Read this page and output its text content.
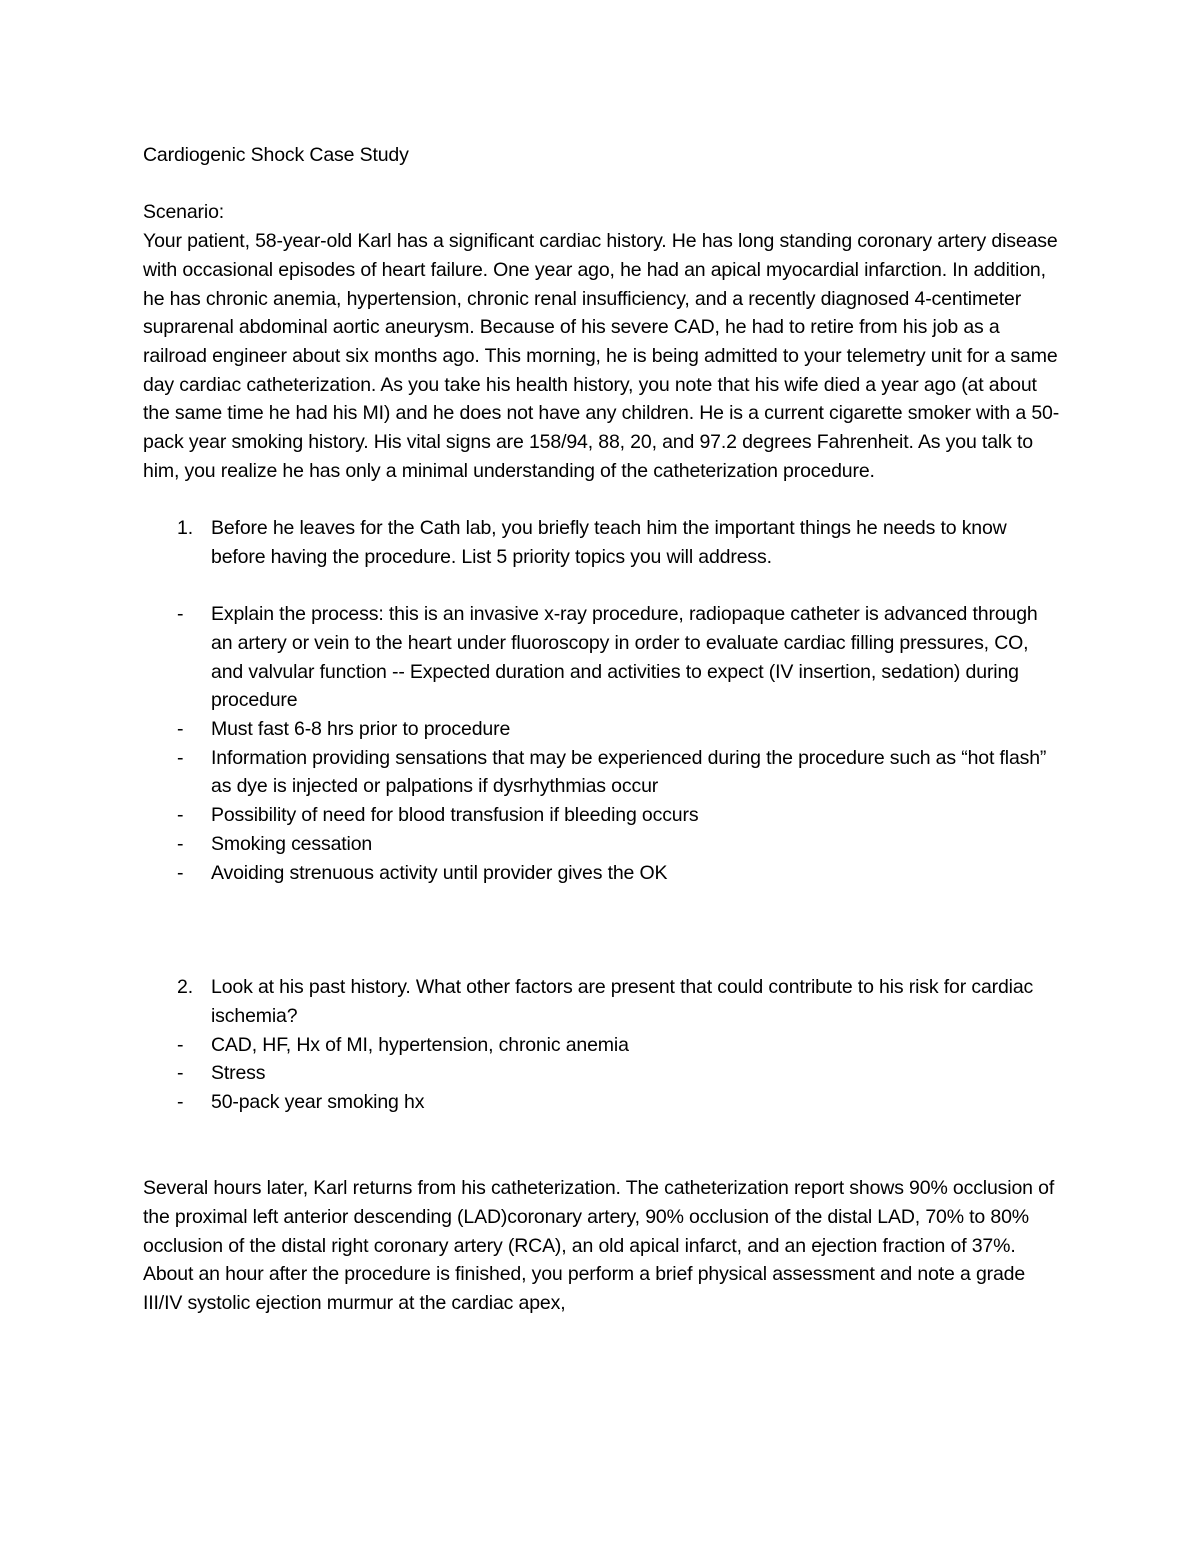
Cardiogenic Shock Case Study

Scenario:

Your patient, 58-year-old Karl has a significant cardiac history. He has long standing coronary artery disease with occasional episodes of heart failure. One year ago, he had an apical myocardial infarction. In addition, he has chronic anemia, hypertension, chronic renal insufficiency, and a recently diagnosed 4-centimeter suprarenal abdominal aortic aneurysm. Because of his severe CAD, he had to retire from his job as a railroad engineer about six months ago. This morning, he is being admitted to your telemetry unit for a same day cardiac catheterization. As you take his health history, you note that his wife died a year ago (at about the same time he had his MI) and he does not have any children. He is a current cigarette smoker with a 50-pack year smoking history. His vital signs are 158/94, 88, 20, and 97.2 degrees Fahrenheit. As you talk to him, you realize he has only a minimal understanding of the catheterization procedure.

1. Before he leaves for the Cath lab, you briefly teach him the important things he needs to know before having the procedure. List 5 priority topics you will address.
-	Explain the process: this is an invasive x-ray procedure, radiopaque catheter is advanced through an artery or vein to the heart under fluoroscopy in order to evaluate cardiac filling pressures, CO, and valvular function -- Expected duration and activities to expect (IV insertion, sedation) during procedure
-	Must fast 6-8 hrs prior to procedure
-	Information providing sensations that may be experienced during the procedure such as “hot flash” as dye is injected or palpations if dysrhythmias occur
-	Possibility of need for blood transfusion if bleeding occurs
-	Smoking cessation
-	Avoiding strenuous activity until provider gives the OK
2. Look at his past history. What other factors are present that could contribute to his risk for cardiac ischemia?
-	CAD, HF, Hx of MI, hypertension, chronic anemia
-	Stress
-	50-pack year smoking hx

Several hours later, Karl returns from his catheterization. The catheterization report shows 90% occlusion of the proximal left anterior descending (LAD)coronary artery, 90% occlusion of the distal LAD, 70% to 80% occlusion of the distal right coronary artery (RCA), an old apical infarct, and an ejection fraction of 37%. About an hour after the procedure is finished, you perform a brief physical assessment and note a grade III/IV systolic ejection murmur at the cardiac apex,
